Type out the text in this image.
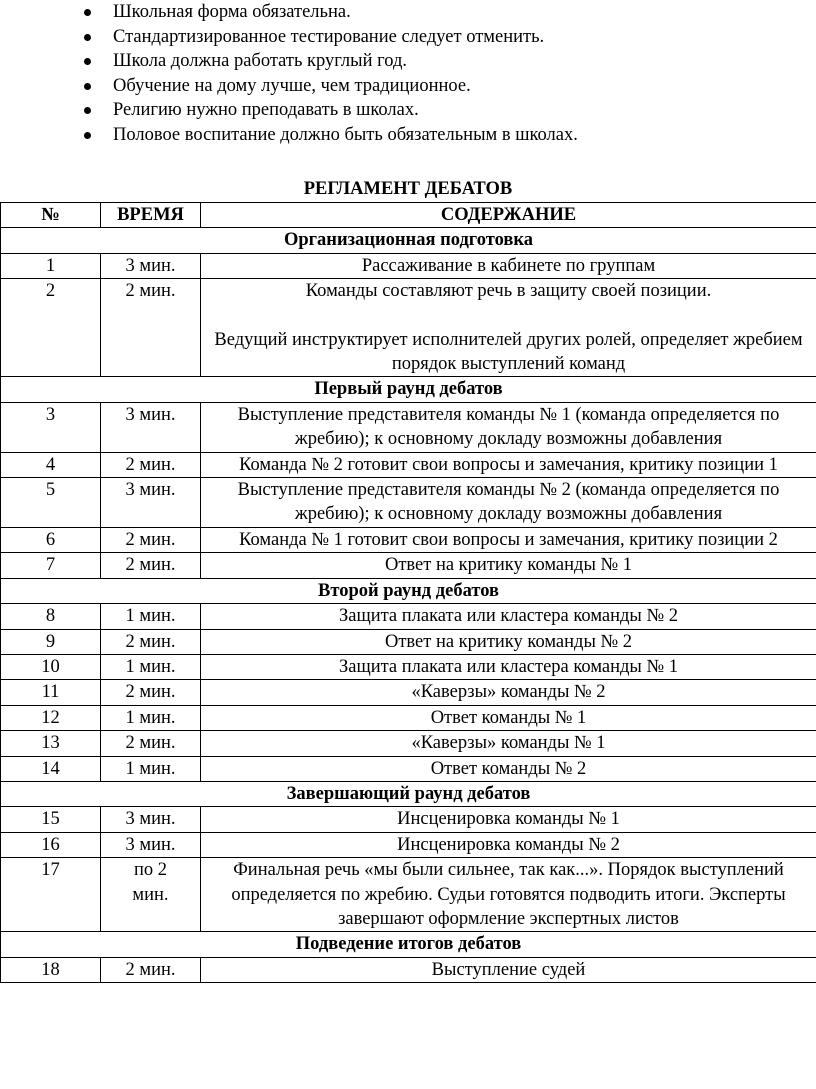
Школьная форма обязательна.
Стандартизированное тестирование следует отменить.
Школа должна работать круглый год.
Обучение на дому лучше, чем традиционное.
Религию нужно преподавать в школах.
Половое воспитание должно быть обязательным в школах.
РЕГЛАМЕНТ ДЕБАТОВ
№	ВРЕМЯ	СОДЕРЖАНИЕ
Организационная подготовка		
1	3 мин.	Рассаживание в кабинете по группам
2	2 мин.	Команды составляют речь в защиту своей позиции.
Ведущий инструктирует исполнителей других ролей, определяет жребием порядок выступлений команд
Первый раунд дебатов		
3	3 мин.	Выступление представителя команды № 1 (команда определяется по жребию); к основному докладу возможны добавления
4	2 мин.	Команда № 2 готовит свои вопросы и замечания, критику позиции 1
5	3 мин.	Выступление представителя команды № 2 (команда определяется по жребию); к основному докладу возможны добавления
6	2 мин.	Команда № 1 готовит свои вопросы и замечания, критику позиции 2
7	2 мин.	Ответ на критику команды № 1
Второй раунд дебатов		
8	1 мин.	Защита плаката или кластера команды № 2
9	2 мин.	Ответ на критику команды № 2
10	1 мин.	Защита плаката или кластера команды № 1
11	2 мин.	«Каверзы» команды № 2
12	1 мин.	Ответ команды № 1
13	2 мин.	«Каверзы» команды № 1
14	1 мин.	Ответ команды № 2
Завершающий раунд дебатов		
15	3 мин.	Инсценировка команды № 1
16	3 мин.	Инсценировка команды № 2
17	по 2 мин.	Финальная речь «мы были сильнее, так как...». Порядок выступлений определяется по жребию. Судьи готовятся подводить итоги. Эксперты завершают оформление экспертных листов
Подведение итогов дебатов		
18	2 мин.	Выступление судей
